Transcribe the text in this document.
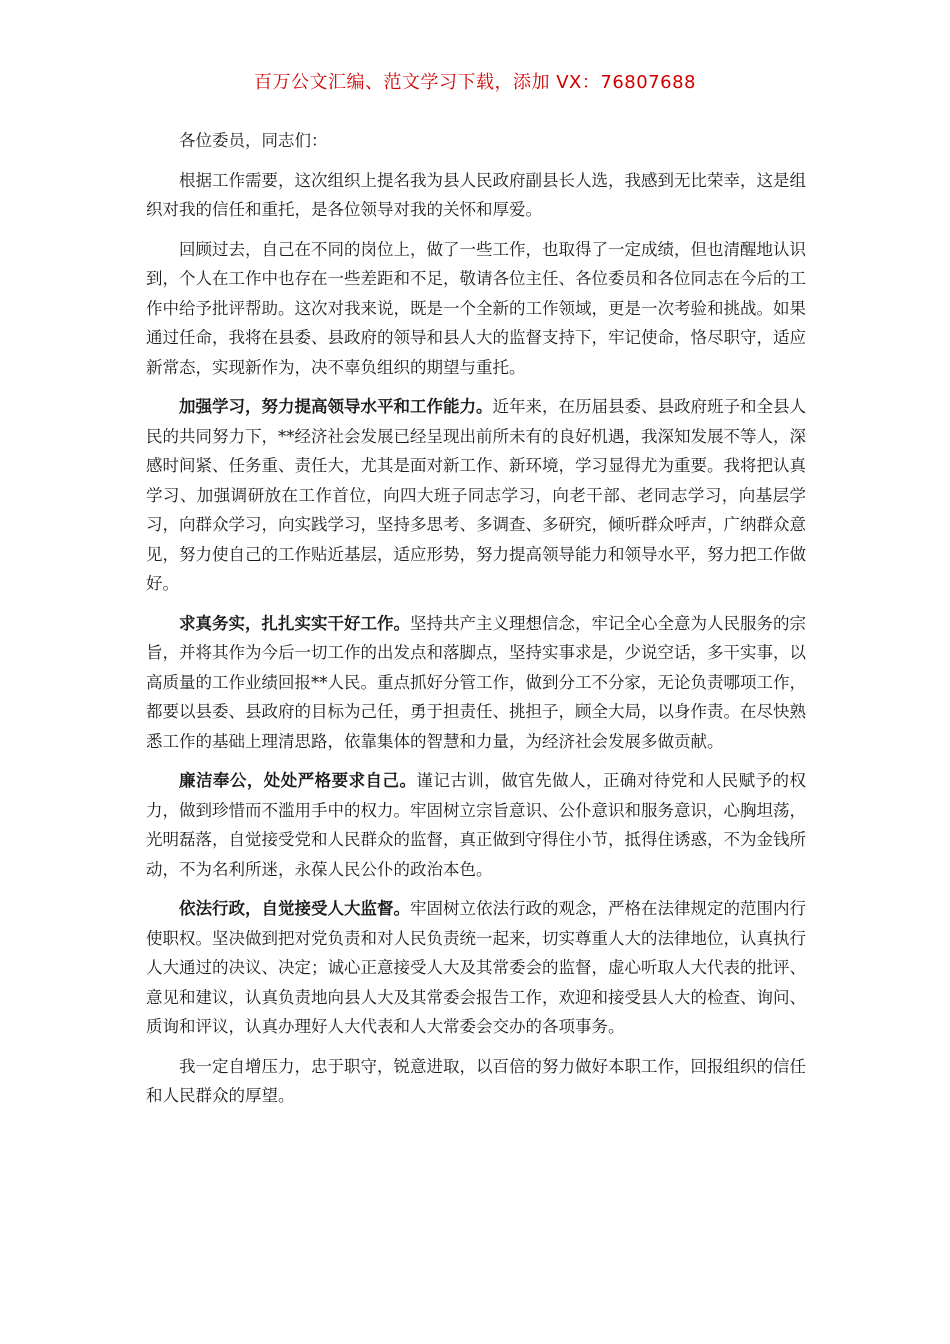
百万公文汇编、范文学习下载，添加 VX：76807688

各位委员，同志们：

根据工作需要，这次组织上提名我为县人民政府副县长人选，我感到无比荣幸，这是组织对我的信任和重托，是各位领导对我的关怀和厚爱。

回顾过去，自己在不同的岗位上，做了一些工作，也取得了一定成绩，但也清醒地认识到，个人在工作中也存在一些差距和不足，敬请各位主任、各位委员和各位同志在今后的工作中给予批评帮助。这次对我来说，既是一个全新的工作领域，更是一次考验和挑战。如果通过任命，我将在县委、县政府的领导和县人大的监督支持下，牢记使命，恪尽职守，适应新常态，实现新作为，决不辜负组织的期望与重托。

加强学习，努力提高领导水平和工作能力。近年来，在历届县委、县政府班子和全县人民的共同努力下，**经济社会发展已经呈现出前所未有的良好机遇，我深知发展不等人，深感时间紧、任务重、责任大，尤其是面对新工作、新环境，学习显得尤为重要。我将把认真学习、加强调研放在工作首位，向四大班子同志学习，向老干部、老同志学习，向基层学习，向群众学习，向实践学习，坚持多思考、多调查、多研究，倾听群众呼声，广纳群众意见，努力使自己的工作贴近基层，适应形势，努力提高领导能力和领导水平，努力把工作做好。

求真务实，扎扎实实干好工作。坚持共产主义理想信念，牢记全心全意为人民服务的宗旨，并将其作为今后一切工作的出发点和落脚点，坚持实事求是，少说空话，多干实事，以高质量的工作业绩回报**人民。重点抓好分管工作，做到分工不分家，无论负责哪项工作，都要以县委、县政府的目标为己任，勇于担责任、挑担子，顾全大局，以身作责。在尽快熟悉工作的基础上理清思路，依靠集体的智慧和力量，为经济社会发展多做贡献。

廉洁奉公，处处严格要求自己。谨记古训，做官先做人，正确对待党和人民赋予的权力，做到珍惜而不滥用手中的权力。牢固树立宗旨意识、公仆意识和服务意识，心胸坦荡，光明磊落，自觉接受党和人民群众的监督，真正做到守得住小节，抵得住诱惑，不为金钱所动，不为名利所迷，永葆人民公仆的政治本色。

依法行政，自觉接受人大监督。牢固树立依法行政的观念，严格在法律规定的范围内行使职权。坚决做到把对党负责和对人民负责统一起来，切实尊重人大的法律地位，认真执行人大通过的决议、决定；诚心正意接受人大及其常委会的监督，虚心听取人大代表的批评、意见和建议，认真负责地向县人大及其常委会报告工作，欢迎和接受县人大的检查、询问、质询和评议，认真办理好人大代表和人大常委会交办的各项事务。

我一定自增压力，忠于职守，锐意进取，以百倍的努力做好本职工作，回报组织的信任和人民群众的厚望。
